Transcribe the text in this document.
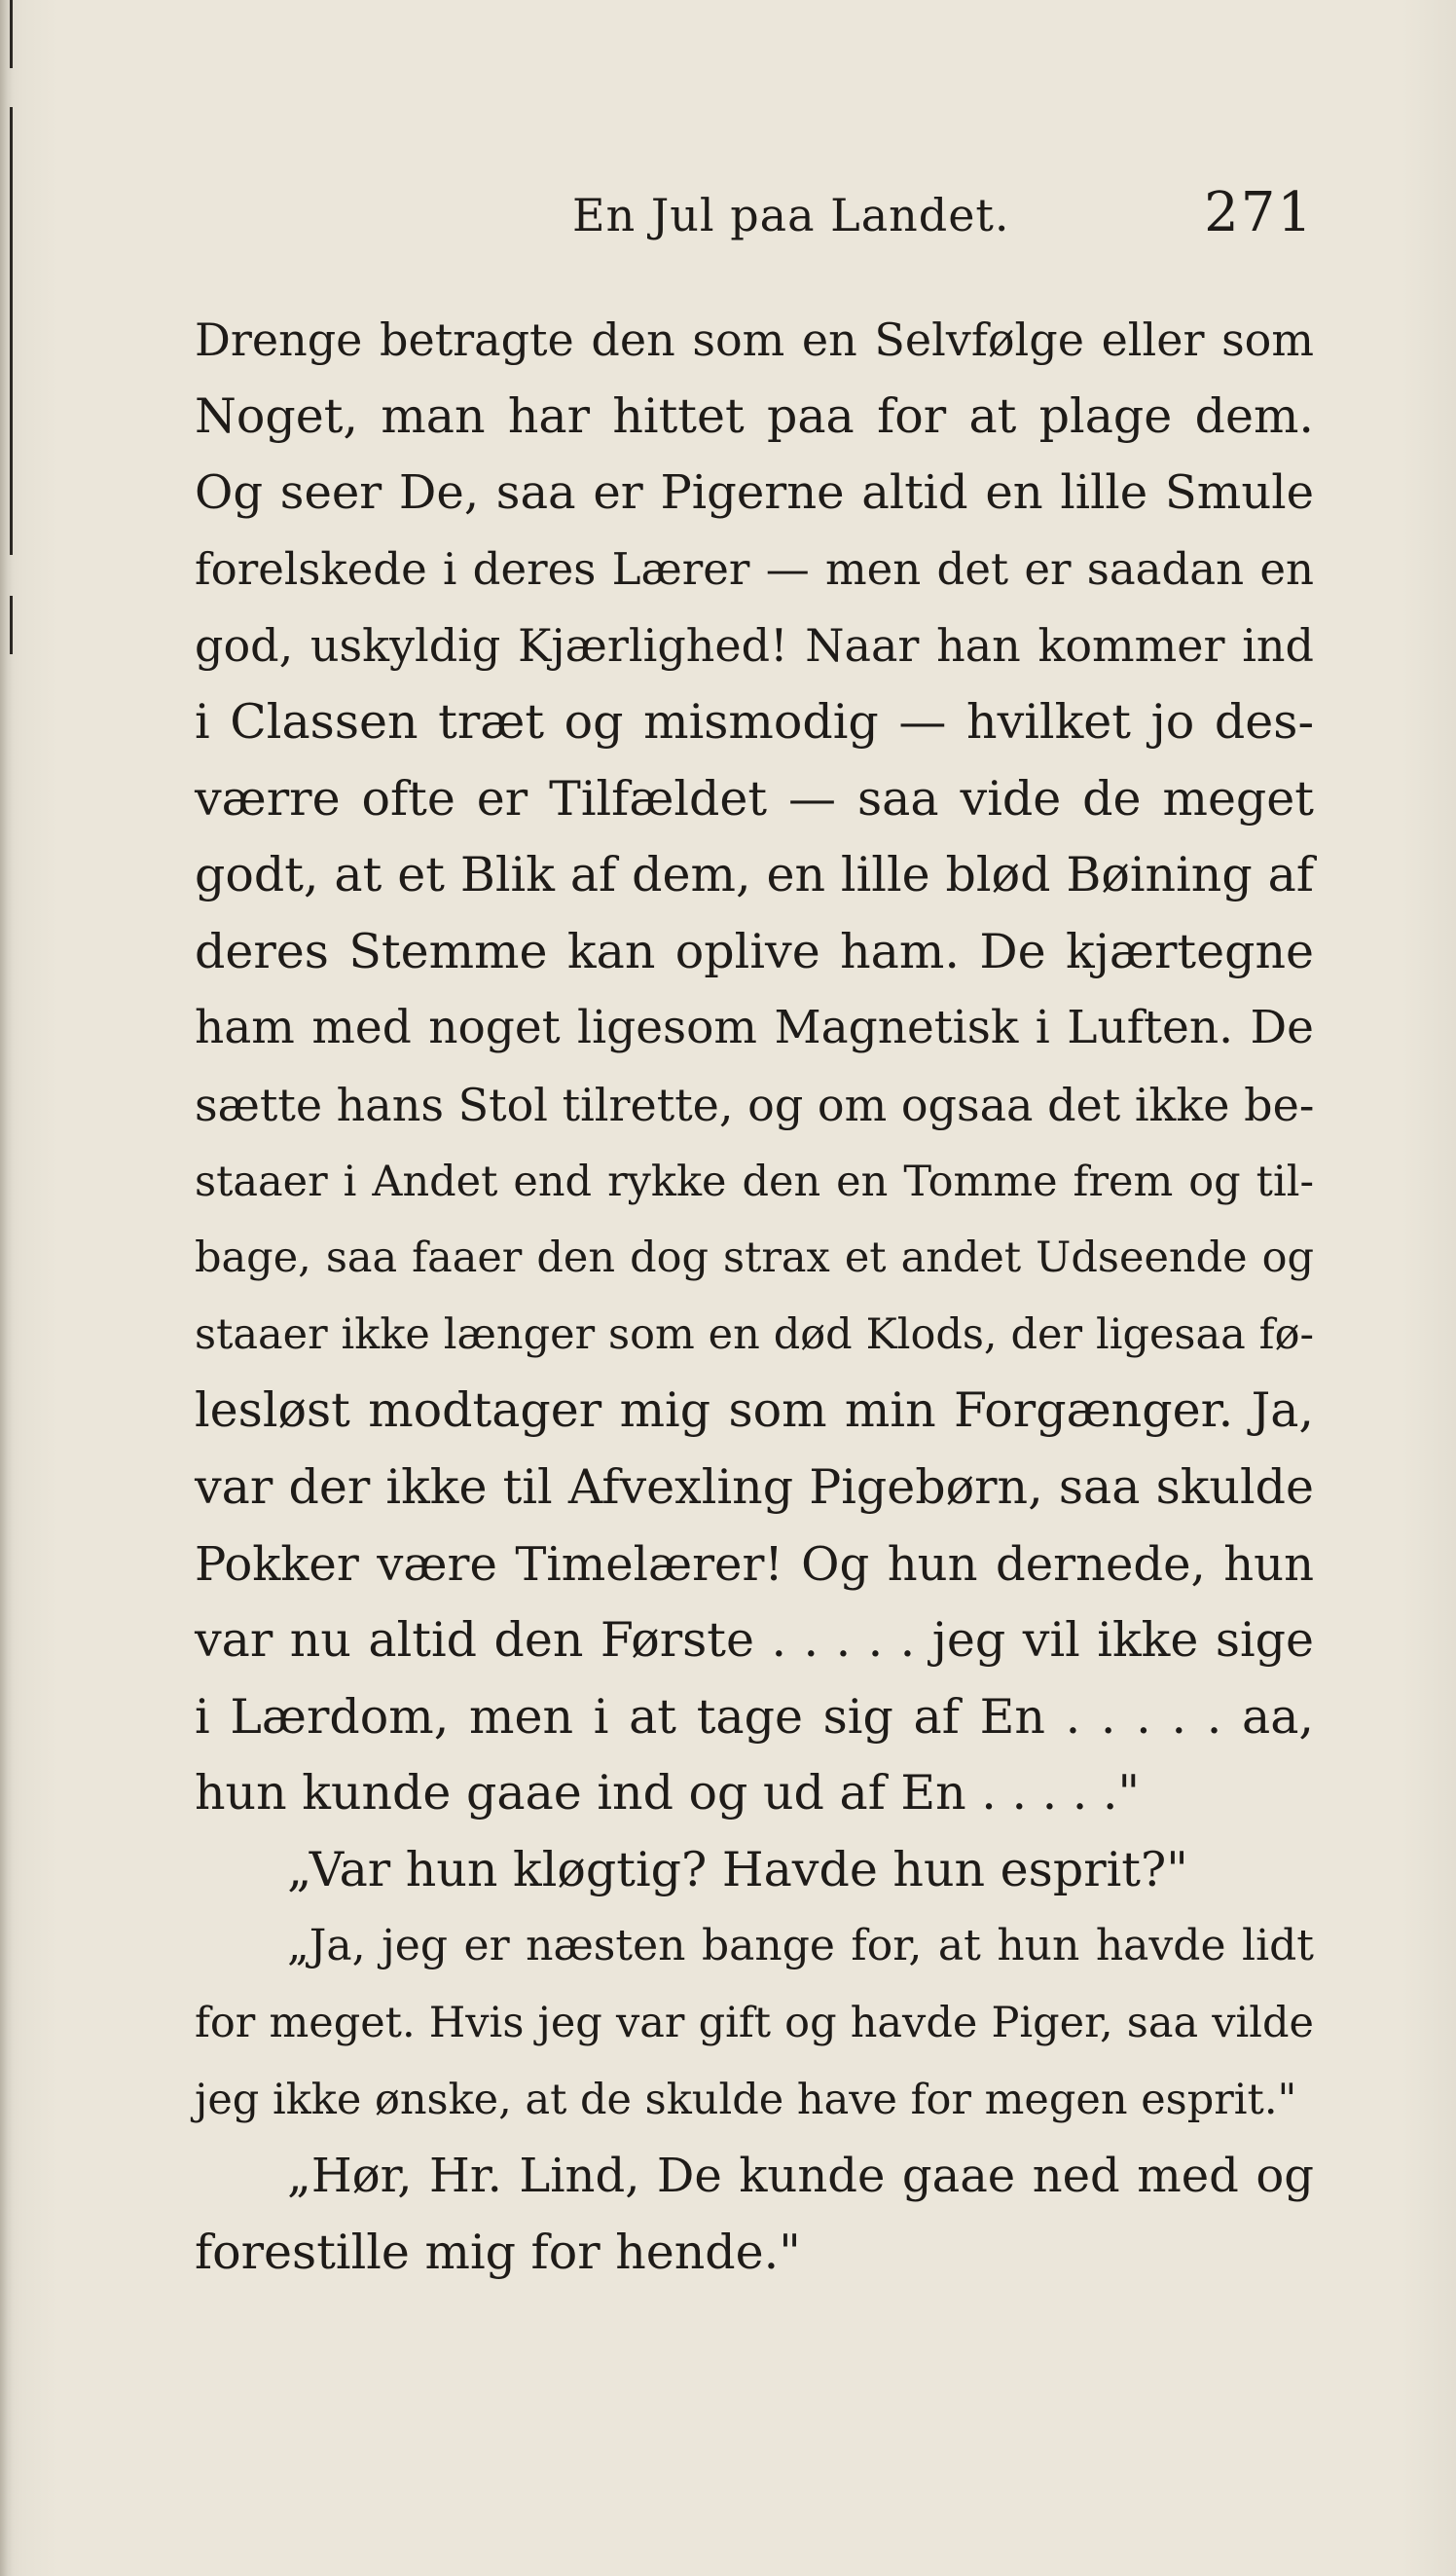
En Jul paa Landet.	271
Drenge betragte den som en Selvfølge eller som
Noget, man har hittet paa for at plage dem.
Og seer De, saa er Pigerne altid en lille Smule
forelskede i deres Lærer — men det er saadan en
god, uskyldig Kjærlighed! Naar han kommer ind
i Classen træt og mismodig — hvilket jo des-
værre ofte er Tilfældet — saa vide de meget
godt, at et Blik af dem, en lille blød Bøining af
deres Stemme kan oplive ham. De kjærtegne
ham med noget ligesom Magnetisk i Luften. De
sætte hans Stol tilrette, og om ogsaa det ikke be-
staaer i Andet end rykke den en Tomme frem og til-
bage, saa faaer den dog strax et andet Udseende og
staaer ikke længer som en død Klods, der ligesaa fø-
lesløst modtager mig som min Forgænger. Ja,
var der ikke til Afvexling Pigebørn, saa skulde
Pokker være Timelærer! Og hun dernede, hun
var nu altid den Første . . . . . jeg vil ikke sige
i Lærdom, men i at tage sig af En . . . . . aa,
hun kunde gaae ind og ud af En . . . . ."
„Var hun kløgtig? Havde hun esprit?"
„Ja, jeg er næsten bange for, at hun havde lidt
for meget. Hvis jeg var gift og havde Piger, saa vilde
jeg ikke ønske, at de skulde have for megen esprit."
„Hør, Hr. Lind, De kunde gaae ned med og
forestille mig for hende."
